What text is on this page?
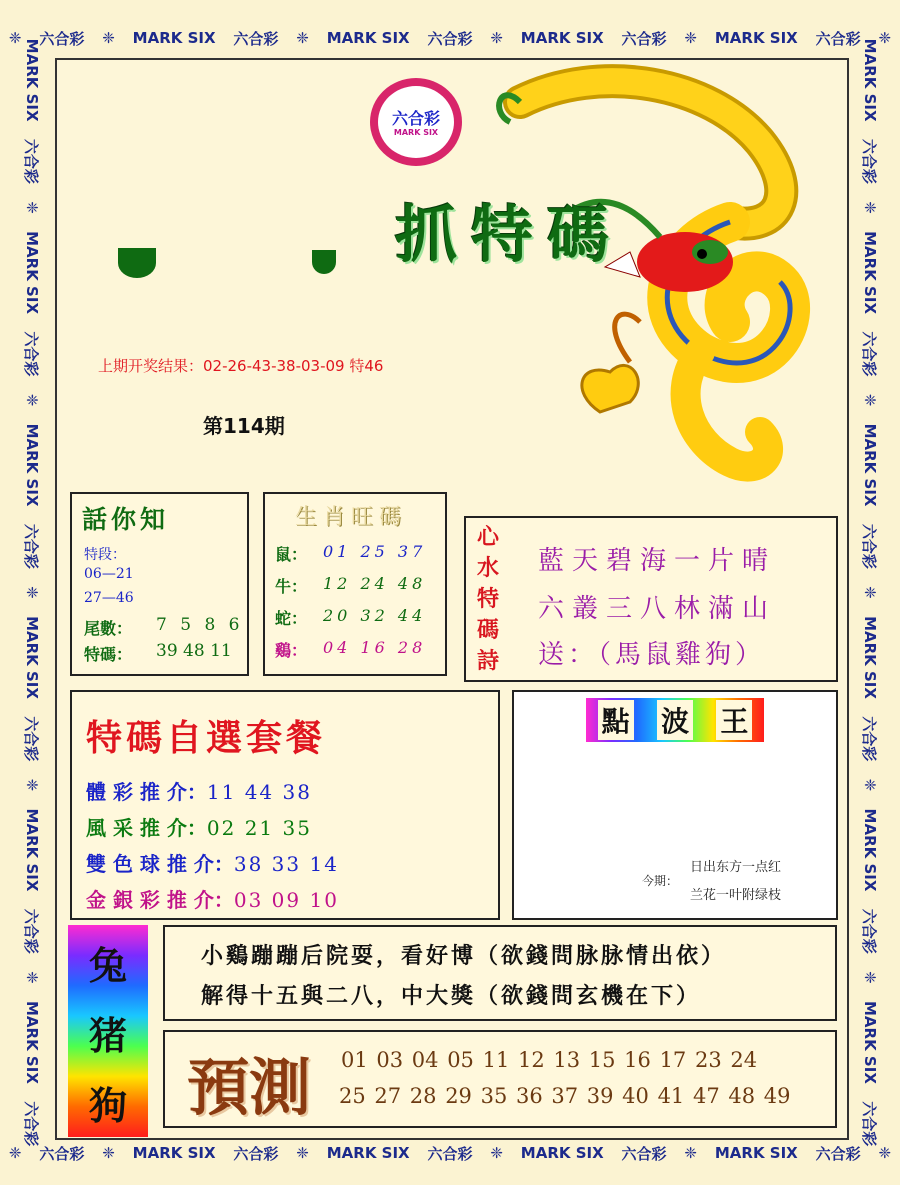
❈ 六合彩 ❈ MARK SIX 六合彩 ❈ MARK SIX 六合彩 ❈ MARK SIX 六合彩 ❈ MARK SIX 六合彩 ❈
❈ 六合彩 ❈ MARK SIX 六合彩 ❈ MARK SIX 六合彩 ❈ MARK SIX 六合彩 ❈ MARK SIX 六合彩 ❈
MARK SIX
六合彩
❈
MARK SIX
六合彩
❈
MARK SIX
六合彩
❈
MARK SIX
六合彩
❈
MARK SIX
六合彩
❈
MARK SIX
六合彩
MARK SIX
六合彩
❈
MARK SIX
六合彩
❈
MARK SIX
六合彩
❈
MARK SIX
六合彩
❈
MARK SIX
六合彩
❈
MARK SIX
六合彩
六合彩
MARK SIX
抓特碼
上期开奖结果：02-26-43-38-03-09 特46
第114期
話你知
特段：
06—21
27—46
尾數： 7 5 8 6
特碼： 39 48 11
生肖旺碼
鼠： 01 25 37
牛： 12 24 48
蛇： 20 32 44
鷄： 04 16 28
心
水
特
碼
詩
藍天碧海一片晴
六叢三八林滿山
送：（馬鼠雞狗）
特碼自選套餐
體 彩 推 介：11 44 38
風 采 推 介：02 21 35
雙 色 球 推 介：38 33 14
金 銀 彩 推 介：03 09 10
點 波 王
今期：
日出东方一点红
兰花一叶附绿枝
兔
猪
狗
小鷄蹦蹦后院耍，看好博（欲錢問脉脉情出依）
解得十五與二八，中大獎（欲錢問玄機在下）
預測 01 03 04 05 11 12 13 15 16 17 23 24
25 27 28 29 35 36 37 39 40 41 47 48 49
